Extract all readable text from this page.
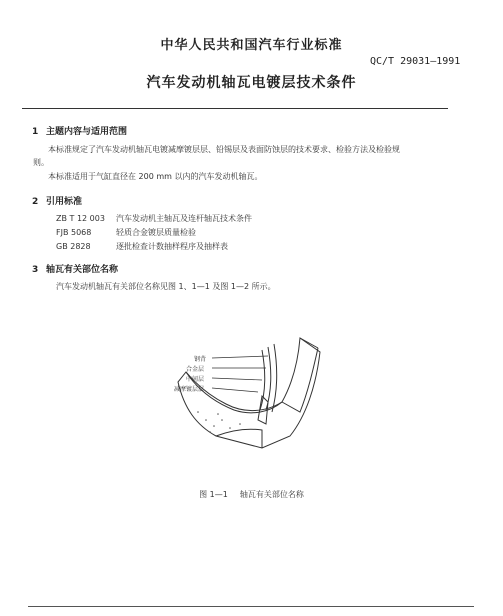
中华人民共和国汽车行业标准
QC/T 29031—1991
汽车发动机轴瓦电镀层技术条件
1 主题内容与适用范围
本标准规定了汽车发动机轴瓦电镀减摩镀层层、铅锡层及表面防蚀层的技术要求、检验方法及检验规
则。
本标准适用于气缸直径在 200 mm 以内的汽车发动机轴瓦。
2 引用标准
ZB T 12 003 汽车发动机主轴瓦及连杆轴瓦技术条件
FJB 5068	轻质合金镀层质量检验
GB 2828	逐批检查计数抽样程序及抽样表
3 轴瓦有关部位名称
汽车发动机轴瓦有关部位名称见图 1、1—1 及图 1—2 所示。
钢背
合金层
中间层
减摩镀层层
图 1—1 轴瓦有关部位名称
